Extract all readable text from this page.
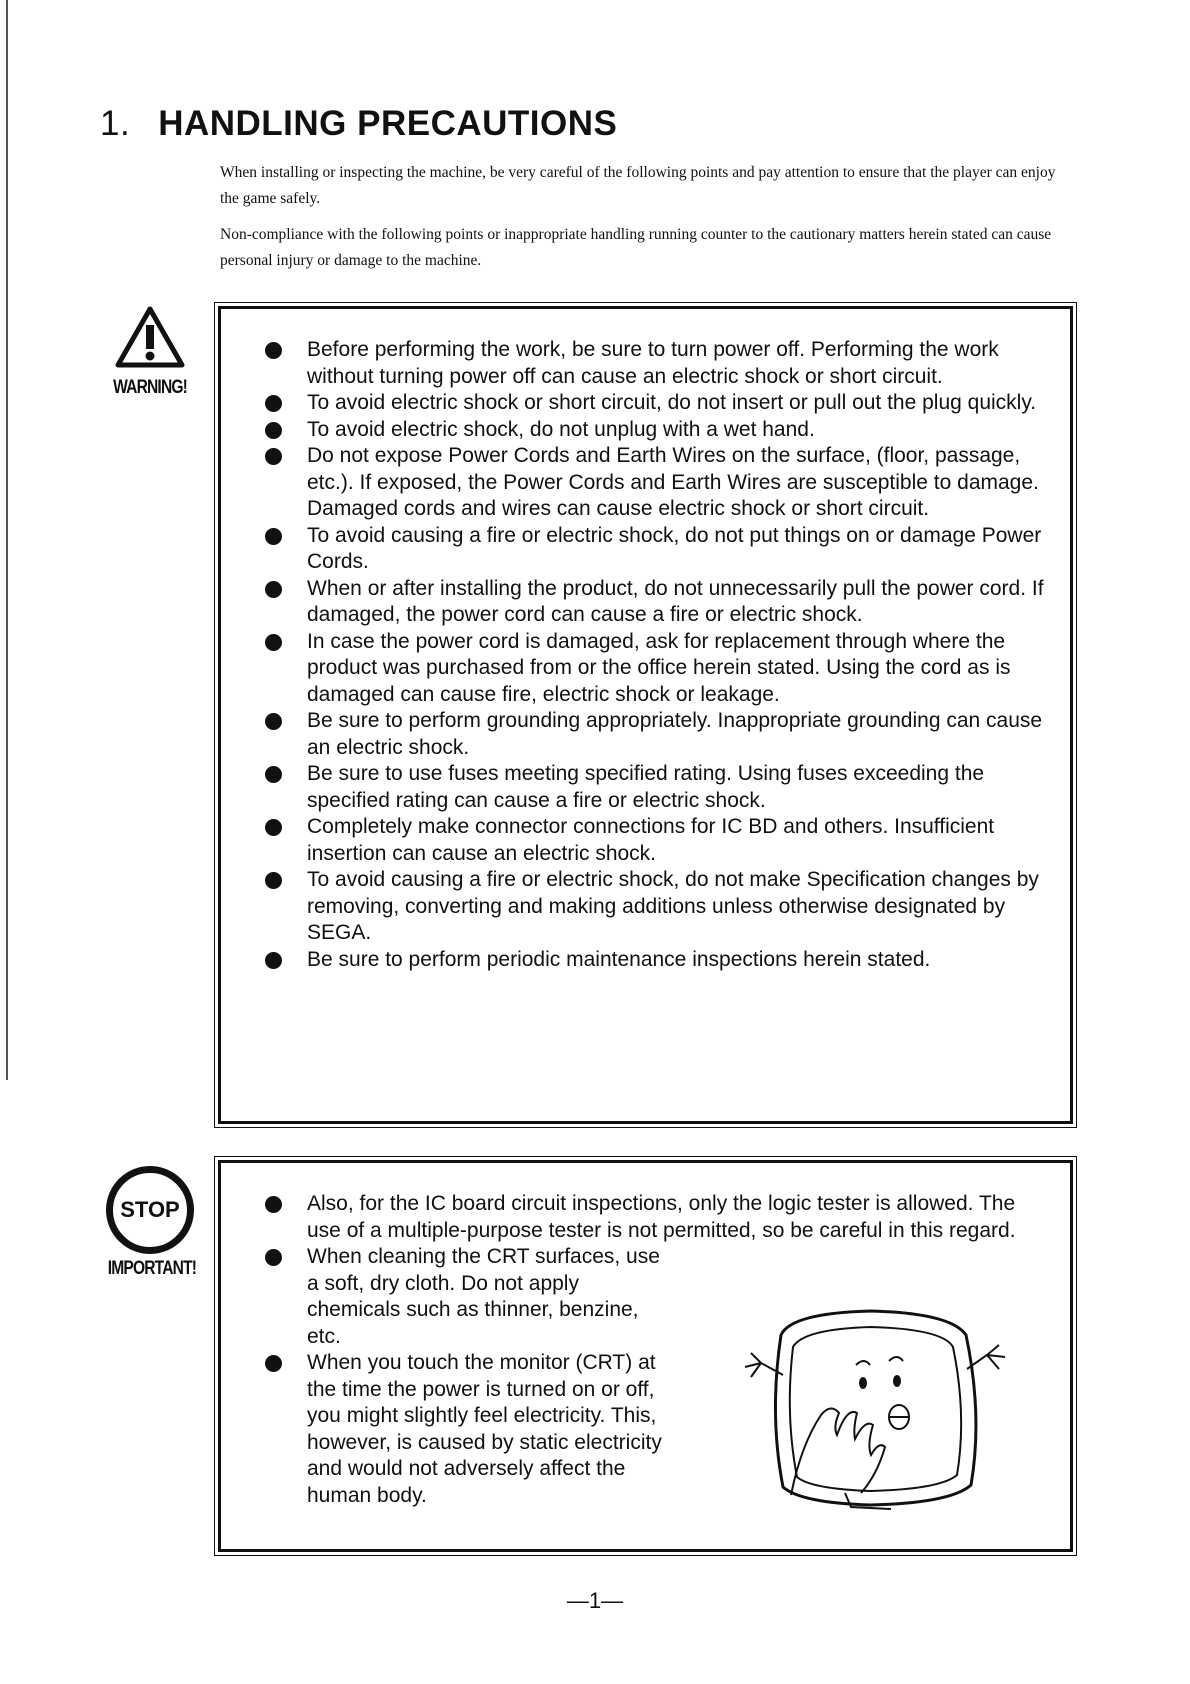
1. HANDLING PRECAUTIONS

When installing or inspecting the machine, be very careful of the following points and pay attention to ensure that the player can enjoy the game safely.

Non-compliance with the following points or inappropriate handling running counter to the cautionary matters herein stated can cause personal injury or damage to the machine.

WARNING!
Before performing the work, be sure to turn power off. Performing the work without turning power off can cause an electric shock or short circuit.
To avoid electric shock or short circuit, do not insert or pull out the plug quickly.
To avoid electric shock, do not unplug with a wet hand.
Do not expose Power Cords and Earth Wires on the surface, (floor, passage, etc.). If exposed, the Power Cords and Earth Wires are susceptible to damage. Damaged cords and wires can cause electric shock or short circuit.
To avoid causing a fire or electric shock, do not put things on or damage Power Cords.
When or after installing the product, do not unnecessarily pull the power cord. If damaged, the power cord can cause a fire or electric shock.
In case the power cord is damaged, ask for replacement through where the product was purchased from or the office herein stated. Using the cord as is damaged can cause fire, electric shock or leakage.
Be sure to perform grounding appropriately. Inappropriate grounding can cause an electric shock.
Be sure to use fuses meeting specified rating. Using fuses exceeding the specified rating can cause a fire or electric shock.
Completely make connector connections for IC BD and others. Insufficient insertion can cause an electric shock.
To avoid causing a fire or electric shock, do not make Specification changes by removing, converting and making additions unless otherwise designated by SEGA.
Be sure to perform periodic maintenance inspections herein stated.
STOP
IMPORTANT!
Also, for the IC board circuit inspections, only the logic tester is allowed. The use of a multiple-purpose tester is not permitted, so be careful in this regard.
When cleaning the CRT surfaces, use a soft, dry cloth. Do not apply chemicals such as thinner, benzine, etc.
When you touch the monitor (CRT) at the time the power is turned on or off, you might slightly feel electricity. This, however, is caused by static electricity and would not adversely affect the human body.
—1—
